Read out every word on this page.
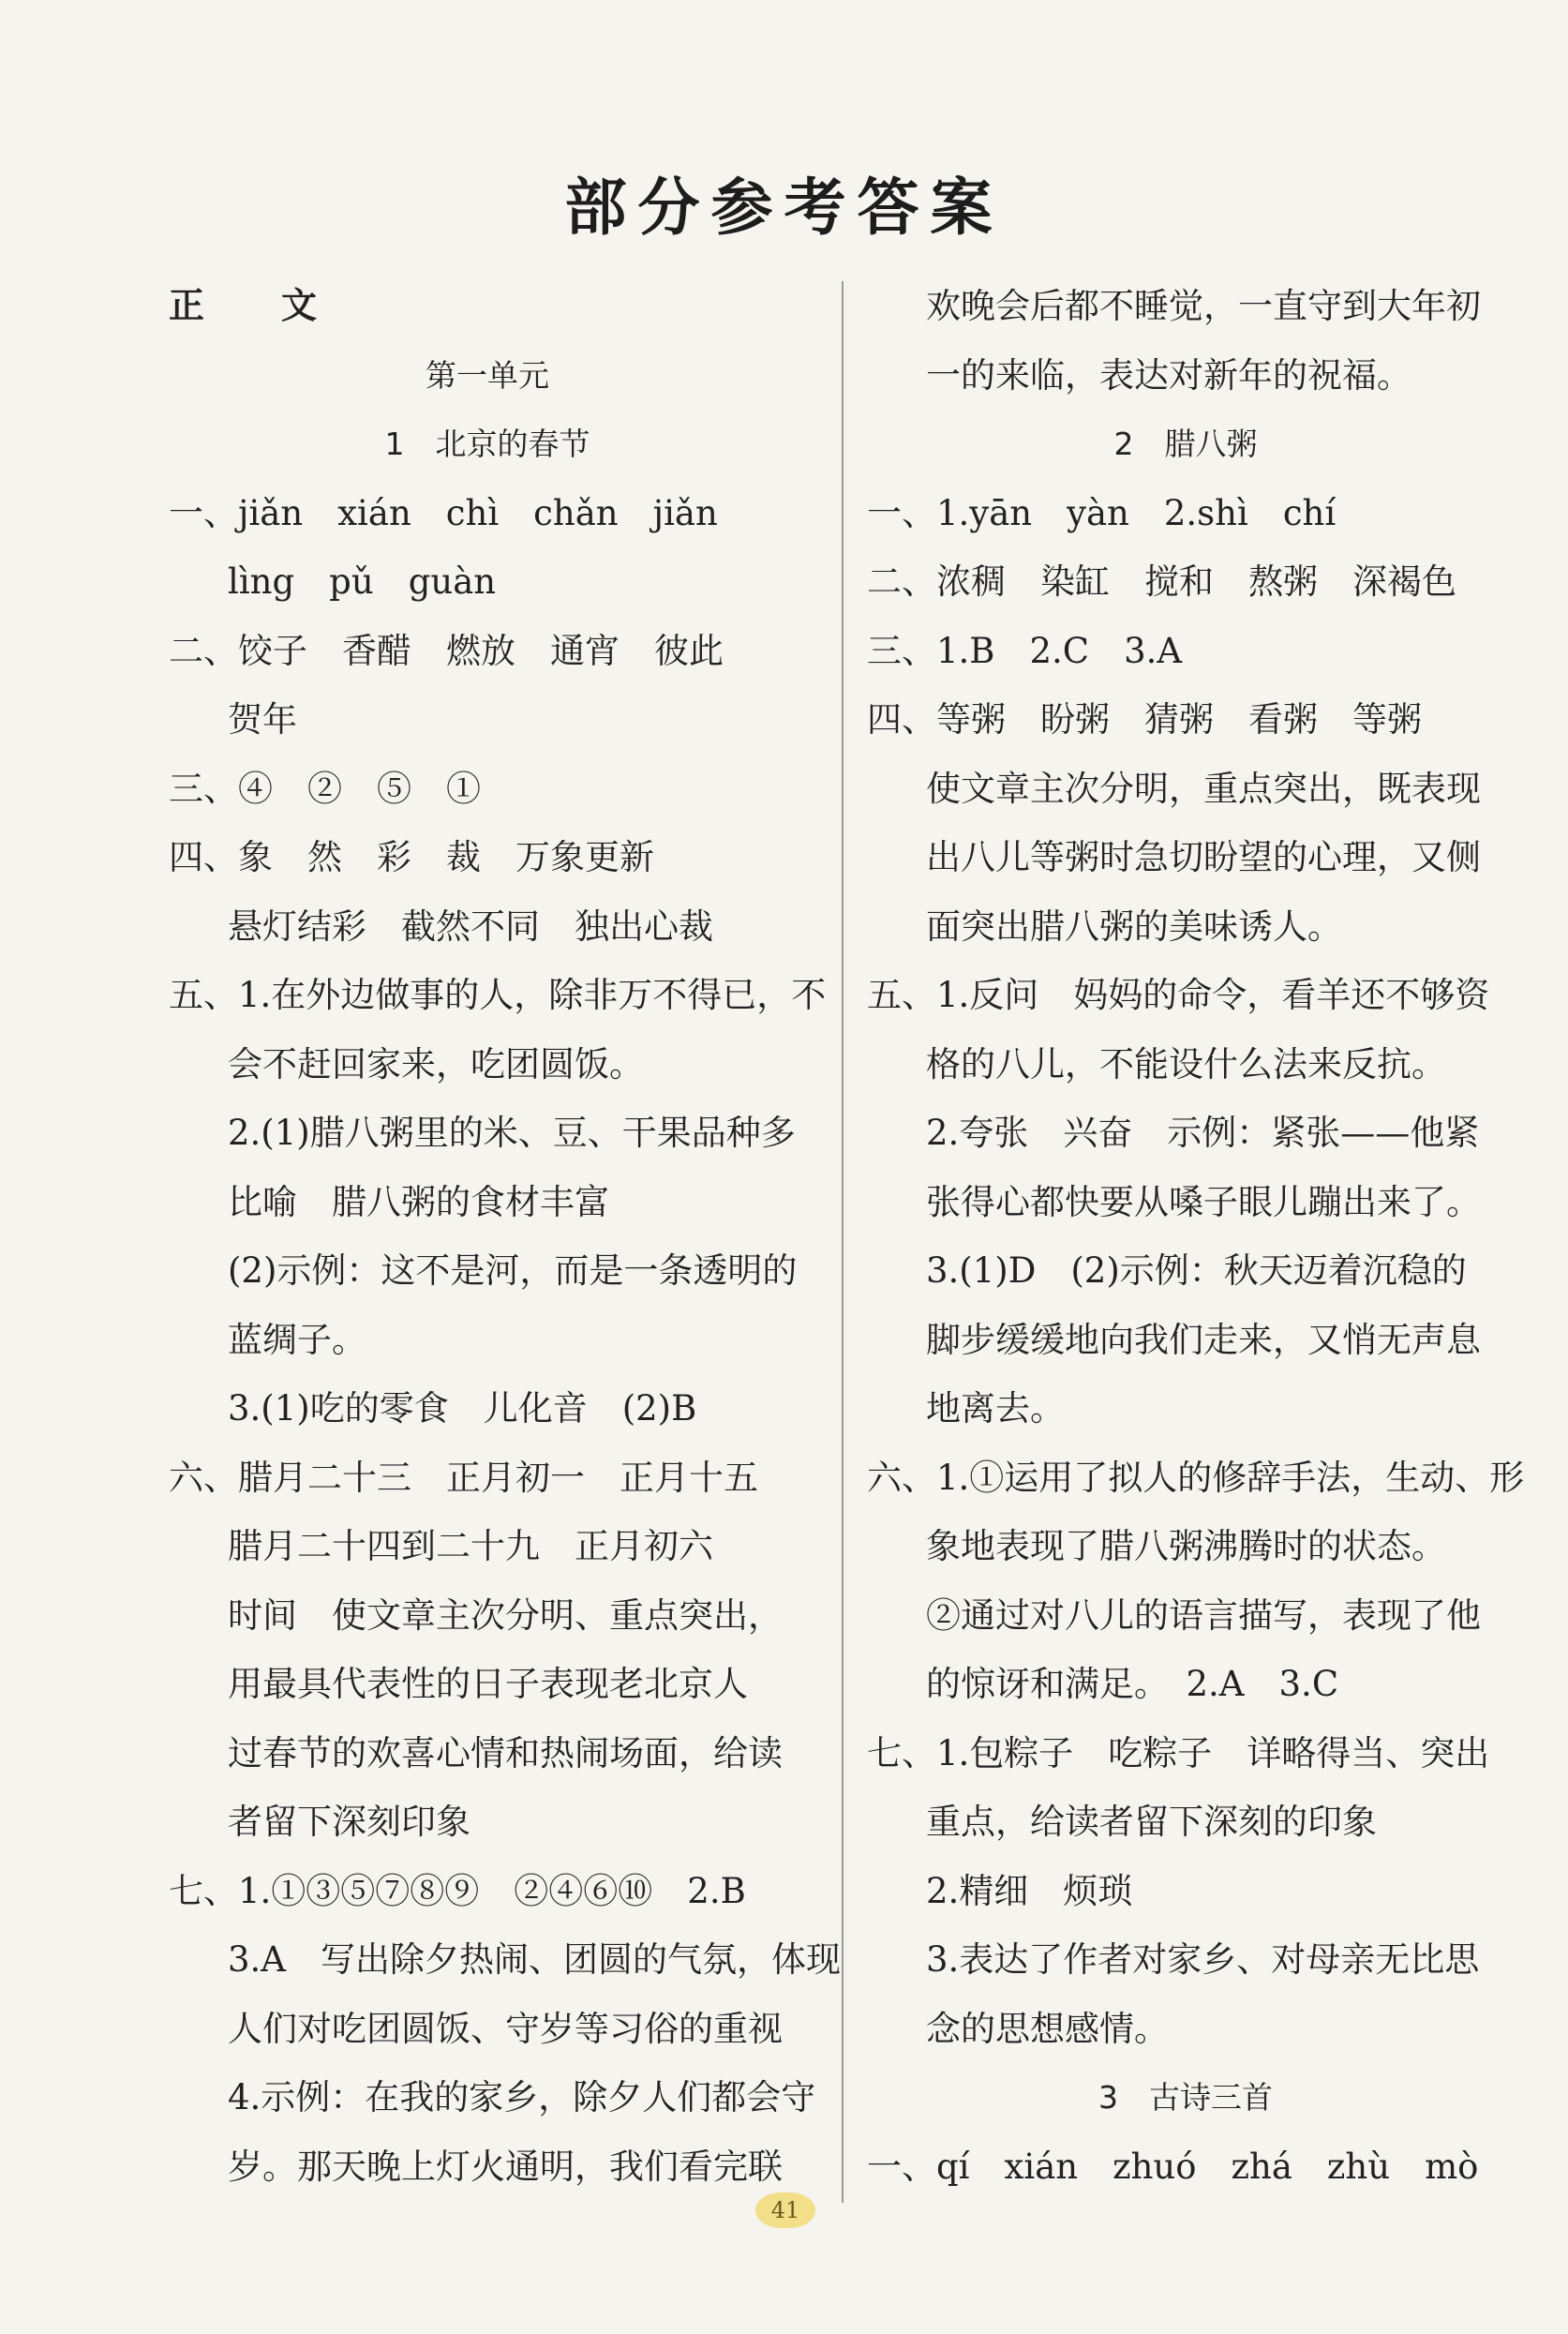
部分参考答案
正　文
第一单元
1　北京的春节
一、jiǎn　xián　chì　chǎn　jiǎn
lìng　pǔ　guàn
二、饺子　香醋　燃放　通宵　彼此
贺年
三、④　②　⑤　①
四、象　然　彩　裁　万象更新
悬灯结彩　截然不同　独出心裁
五、1.在外边做事的人，除非万不得已，不
会不赶回家来，吃团圆饭。
2.(1)腊八粥里的米、豆、干果品种多
比喻　腊八粥的食材丰富
(2)示例：这不是河，而是一条透明的
蓝绸子。
3.(1)吃的零食　儿化音　(2)B
六、腊月二十三　正月初一　正月十五
腊月二十四到二十九　正月初六
时间　使文章主次分明、重点突出，
用最具代表性的日子表现老北京人
过春节的欢喜心情和热闹场面，给读
者留下深刻印象
七、1.①③⑤⑦⑧⑨　②④⑥⑩　2.B
3.A　写出除夕热闹、团圆的气氛，体现
人们对吃团圆饭、守岁等习俗的重视
4.示例：在我的家乡，除夕人们都会守
岁。那天晚上灯火通明，我们看完联
欢晚会后都不睡觉，一直守到大年初
一的来临，表达对新年的祝福。
2　腊八粥
一、1.yān　yàn　2.shì　chí
二、浓稠　染缸　搅和　熬粥　深褐色
三、1.B　2.C　3.A
四、等粥　盼粥　猜粥　看粥　等粥
使文章主次分明，重点突出，既表现
出八儿等粥时急切盼望的心理，又侧
面突出腊八粥的美味诱人。
五、1.反问　妈妈的命令，看羊还不够资
格的八儿，不能设什么法来反抗。
2.夸张　兴奋　示例：紧张——他紧
张得心都快要从嗓子眼儿蹦出来了。
3.(1)D　(2)示例：秋天迈着沉稳的
脚步缓缓地向我们走来，又悄无声息
地离去。
六、1.①运用了拟人的修辞手法，生动、形
象地表现了腊八粥沸腾时的状态。
②通过对八儿的语言描写，表现了他
的惊讶和满足。　2.A　3.C
七、1.包粽子　吃粽子　详略得当、突出
重点，给读者留下深刻的印象
2.精细　烦琐
3.表达了作者对家乡、对母亲无比思
念的思想感情。
3　古诗三首
一、qí　xián　zhuó　zhá　zhù　mò
41
